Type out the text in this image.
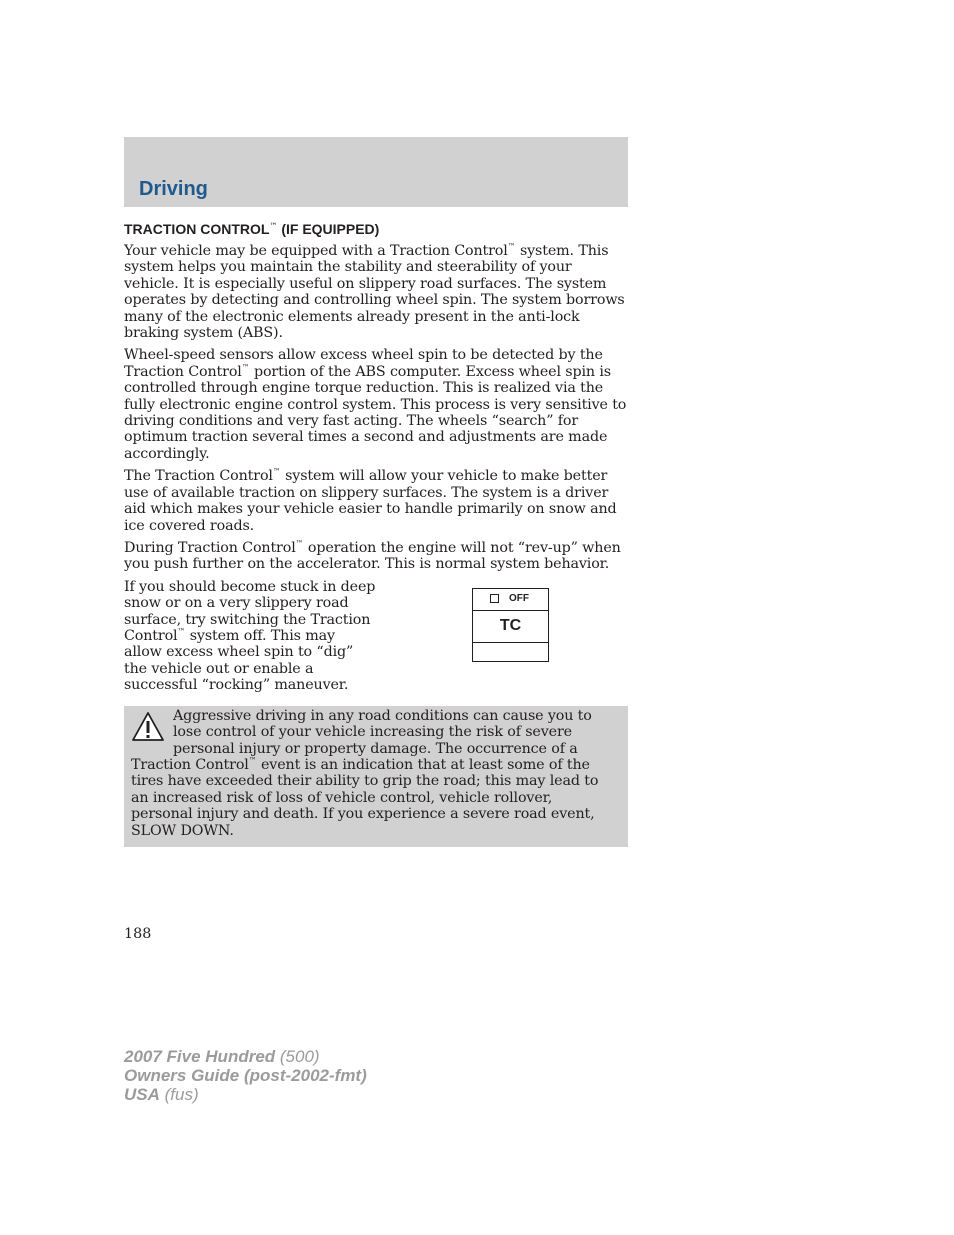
Driving
TRACTION CONTROL™ (IF EQUIPPED)

Your vehicle may be equipped with a Traction Control™ system. This system helps you maintain the stability and steerability of your vehicle. It is especially useful on slippery road surfaces. The system operates by detecting and controlling wheel spin. The system borrows many of the electronic elements already present in the anti-lock braking system (ABS).

Wheel-speed sensors allow excess wheel spin to be detected by the Traction Control™ portion of the ABS computer. Excess wheel spin is controlled through engine torque reduction. This is realized via the fully electronic engine control system. This process is very sensitive to driving conditions and very fast acting. The wheels “search” for optimum traction several times a second and adjustments are made accordingly.

The Traction Control™ system will allow your vehicle to make better use of available traction on slippery surfaces. The system is a driver aid which makes your vehicle easier to handle primarily on snow and ice covered roads.

During Traction Control™ operation the engine will not “rev-up” when you push further on the accelerator. This is normal system behavior.

If you should become stuck in deep snow or on a very slippery road surface, try switching the Traction Control™ system off. This may allow excess wheel spin to “dig” the vehicle out or enable a successful “rocking” maneuver.

OFF
TC

Aggressive driving in any road conditions can cause you to lose control of your vehicle increasing the risk of severe personal injury or property damage. The occurrence of a Traction Control™ event is an indication that at least some of the tires have exceeded their ability to grip the road; this may lead to an increased risk of loss of vehicle control, vehicle rollover, personal injury and death. If you experience a severe road event, SLOW DOWN.

188
2007 Five Hundred (500)
Owners Guide (post-2002-fmt)
USA (fus)
